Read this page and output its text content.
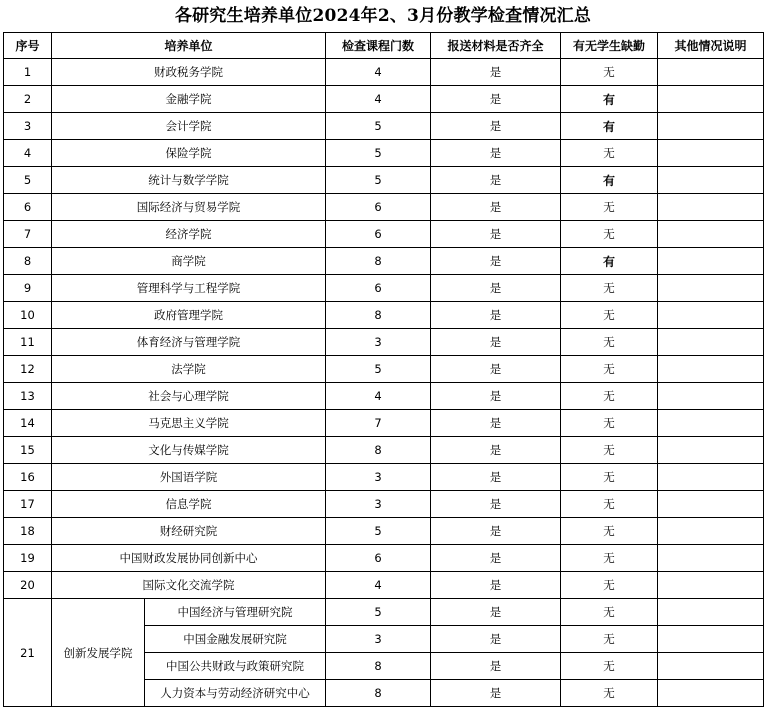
各研究生培养单位2024年2、3月份教学检查情况汇总
序号	培养单位		检查课程门数	报送材料是否齐全	有无学生缺勤	其他情况说明
1	财政税务学院		4	是	无	
2	金融学院		4	是	有	
3	会计学院		5	是	有	
4	保险学院		5	是	无	
5	统计与数学学院		5	是	有	
6	国际经济与贸易学院		6	是	无	
7	经济学院		6	是	无	
8	商学院		8	是	有	
9	管理科学与工程学院		6	是	无	
10	政府管理学院		8	是	无	
11	体育经济与管理学院		3	是	无	
12	法学院		5	是	无	
13	社会与心理学院		4	是	无	
14	马克思主义学院		7	是	无	
15	文化与传媒学院		8	是	无	
16	外国语学院		3	是	无	
17	信息学院		3	是	无	
18	财经研究院		5	是	无	
19	中国财政发展协同创新中心		6	是	无	
20	国际文化交流学院		4	是	无	
21	创新发展学院	中国经济与管理研究院	5	是	无	
		中国金融发展研究院	3	是	无	
		中国公共财政与政策研究院	8	是	无	
		人力资本与劳动经济研究中心	8	是	无	
